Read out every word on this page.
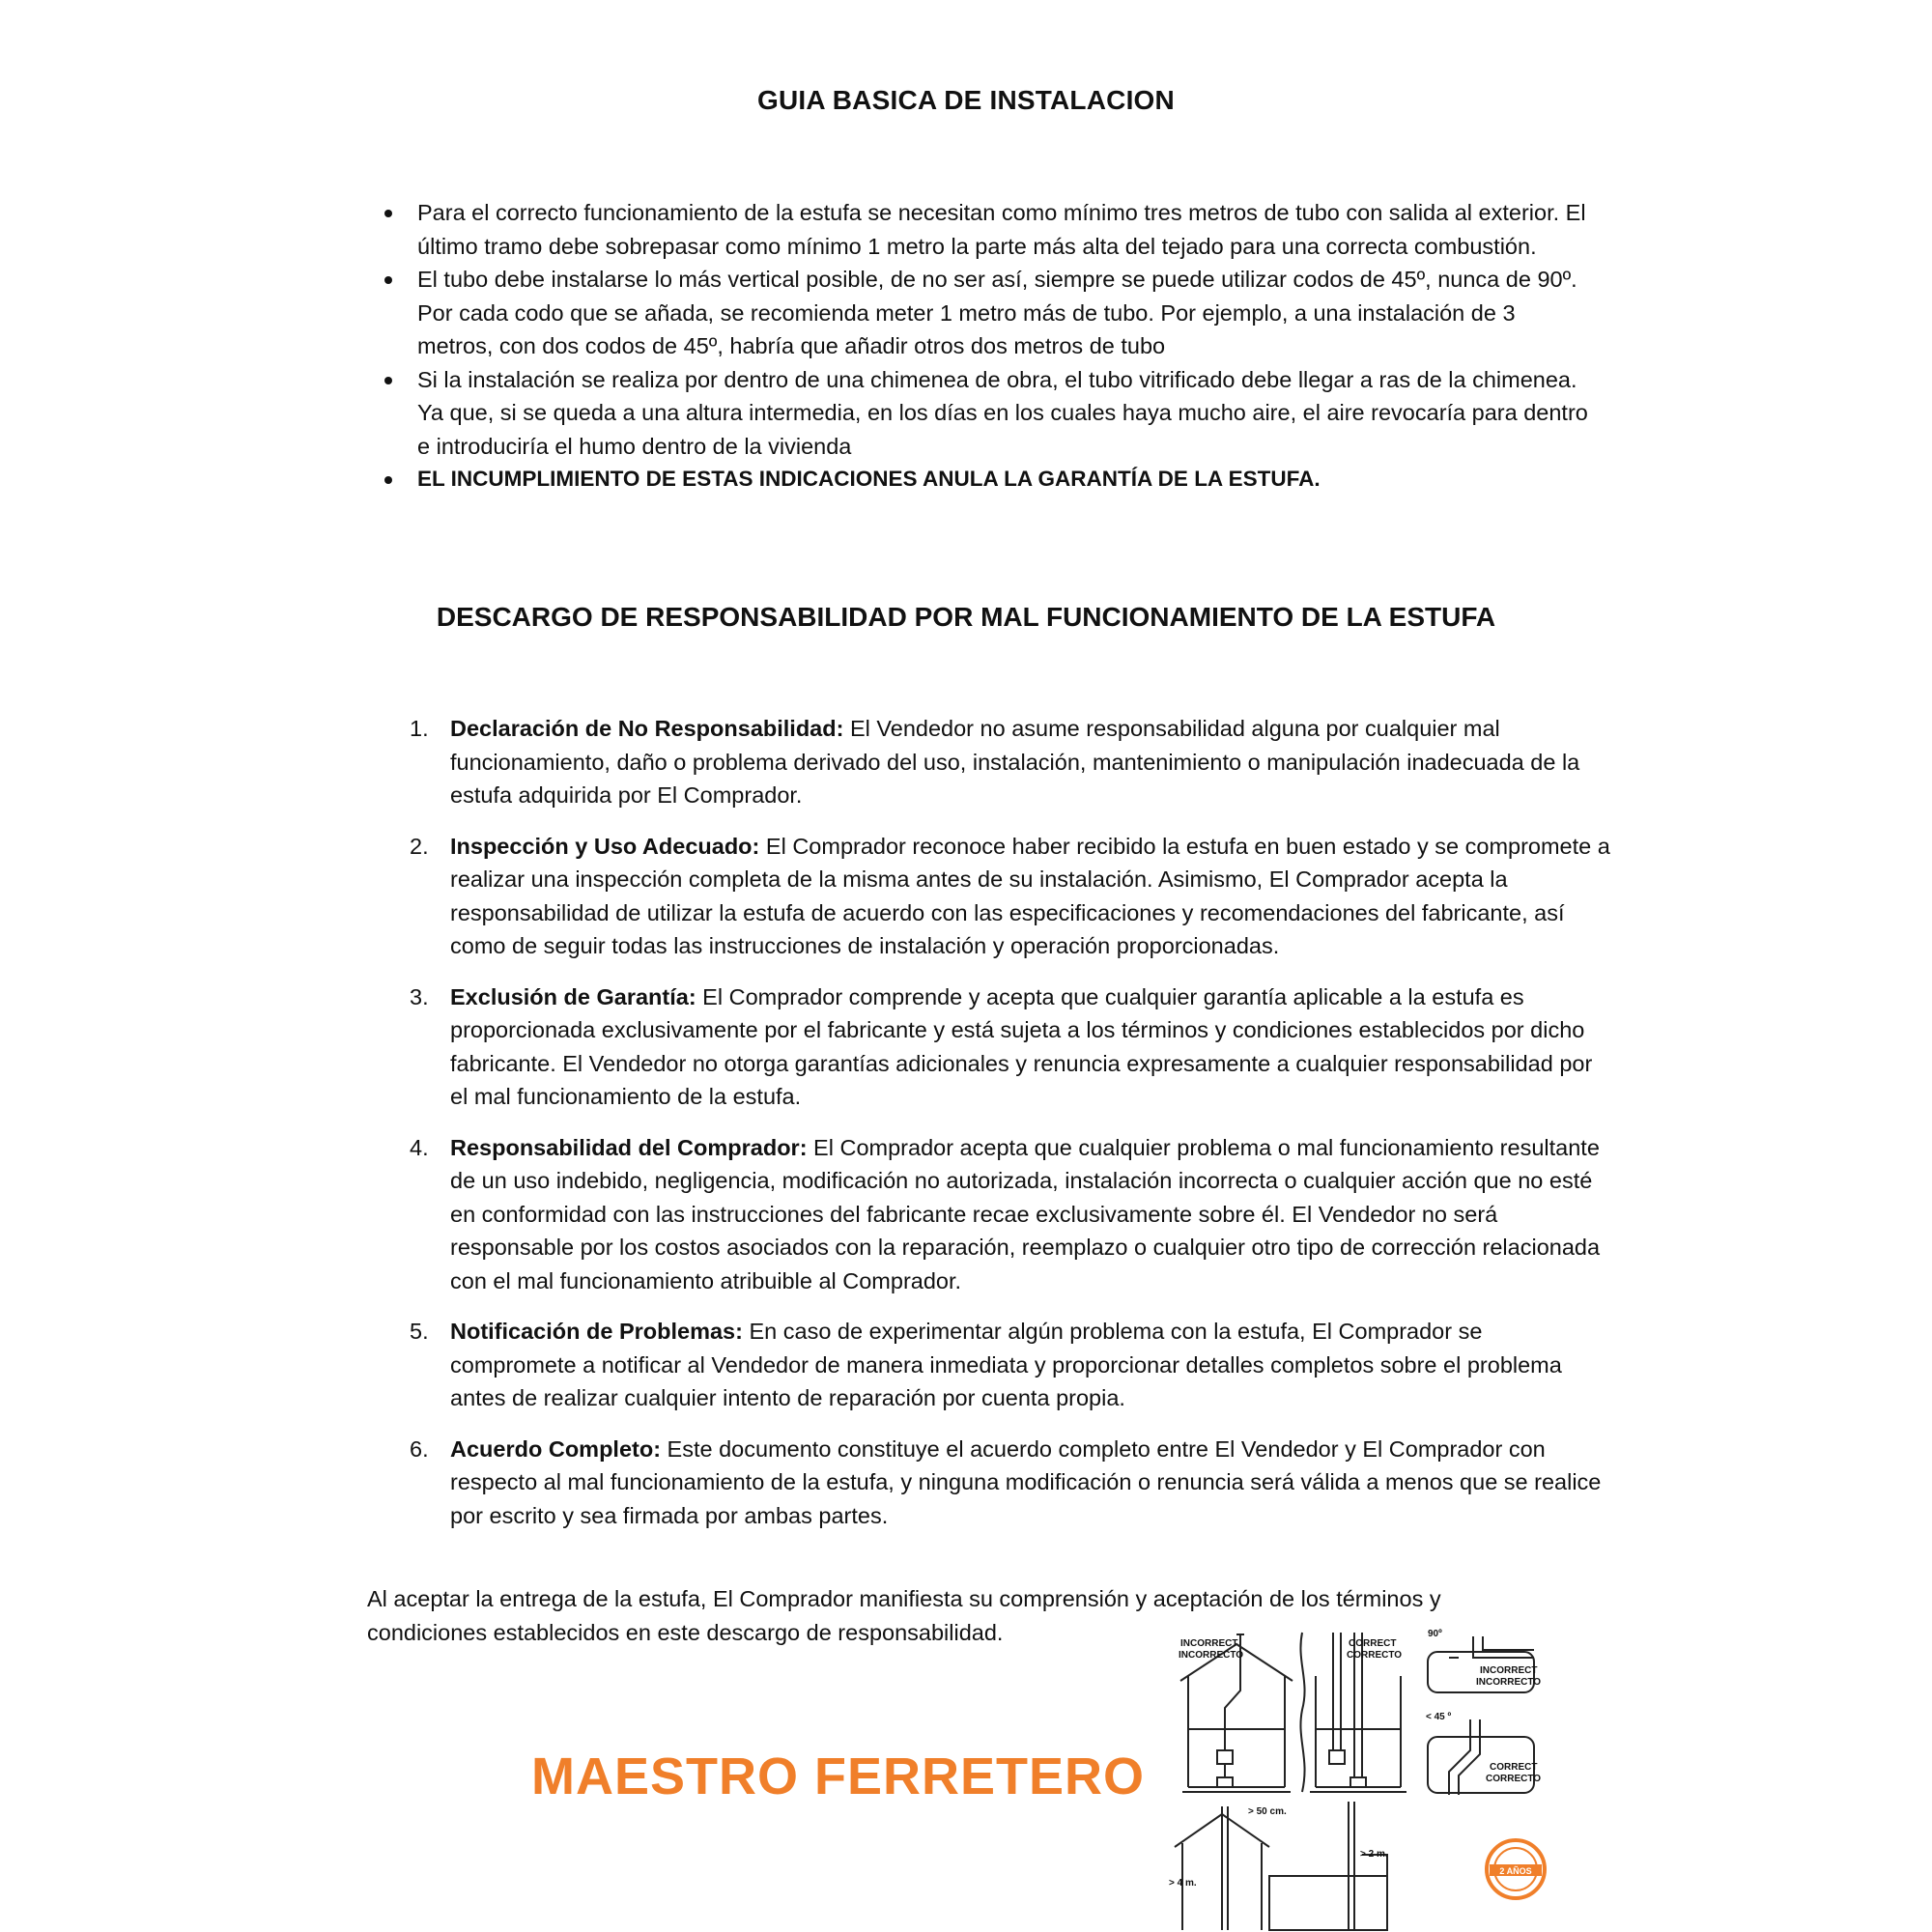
GUIA BASICA DE INSTALACION
Para el correcto funcionamiento de la estufa se necesitan como mínimo tres metros de tubo con salida al exterior. El último tramo debe sobrepasar como mínimo 1 metro la parte más alta del tejado para una correcta combustión.
El tubo debe instalarse lo más vertical posible, de no ser así, siempre se puede utilizar codos de 45º, nunca de 90º. Por cada codo que se añada, se recomienda meter 1 metro más de tubo. Por ejemplo, a una instalación de 3 metros, con dos codos de 45º, habría que añadir otros dos metros de tubo
Si la instalación se realiza por dentro de una chimenea de obra, el tubo vitrificado debe llegar a ras de la chimenea. Ya que, si se queda a una altura intermedia, en los días en los cuales haya mucho aire, el aire revocaría para dentro e introduciría el humo dentro de la vivienda
EL INCUMPLIMIENTO DE ESTAS INDICACIONES ANULA LA GARANTÍA DE LA ESTUFA.
DESCARGO DE RESPONSABILIDAD POR MAL FUNCIONAMIENTO DE LA ESTUFA
1. Declaración de No Responsabilidad: El Vendedor no asume responsabilidad alguna por cualquier mal funcionamiento, daño o problema derivado del uso, instalación, mantenimiento o manipulación inadecuada de la estufa adquirida por El Comprador.
2. Inspección y Uso Adecuado: El Comprador reconoce haber recibido la estufa en buen estado y se compromete a realizar una inspección completa de la misma antes de su instalación. Asimismo, El Comprador acepta la responsabilidad de utilizar la estufa de acuerdo con las especificaciones y recomendaciones del fabricante, así como de seguir todas las instrucciones de instalación y operación proporcionadas.
3. Exclusión de Garantía: El Comprador comprende y acepta que cualquier garantía aplicable a la estufa es proporcionada exclusivamente por el fabricante y está sujeta a los términos y condiciones establecidos por dicho fabricante. El Vendedor no otorga garantías adicionales y renuncia expresamente a cualquier responsabilidad por el mal funcionamiento de la estufa.
4. Responsabilidad del Comprador: El Comprador acepta que cualquier problema o mal funcionamiento resultante de un uso indebido, negligencia, modificación no autorizada, instalación incorrecta o cualquier acción que no esté en conformidad con las instrucciones del fabricante recae exclusivamente sobre él. El Vendedor no será responsable por los costos asociados con la reparación, reemplazo o cualquier otro tipo de corrección relacionada con el mal funcionamiento atribuible al Comprador.
5. Notificación de Problemas: En caso de experimentar algún problema con la estufa, El Comprador se compromete a notificar al Vendedor de manera inmediata y proporcionar detalles completos sobre el problema antes de realizar cualquier intento de reparación por cuenta propia.
6. Acuerdo Completo: Este documento constituye el acuerdo completo entre El Vendedor y El Comprador con respecto al mal funcionamiento de la estufa, y ninguna modificación o renuncia será válida a menos que se realice por escrito y sea firmada por ambas partes.

Al aceptar la entrega de la estufa, El Comprador manifiesta su comprensión y aceptación de los términos y condiciones establecidos en este descargo de responsabilidad.

MAESTRO FERRETERO
INCORRECT
INCORRECTO
CORRECT
CORRECTO
90º
INCORRECT
INCORRECTO
< 45 º
CORRECT
CORRECTO
> 50 cm.
> 2 m.
> 4 m.
2 AÑOS
